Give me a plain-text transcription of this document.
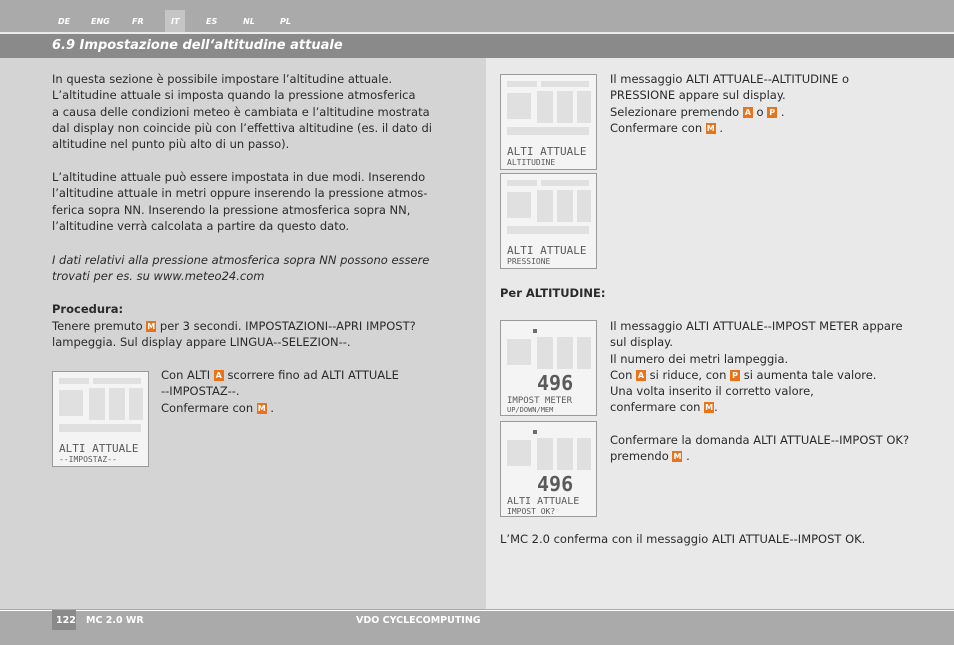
DE	ENG	FR	IT	ES	NL	PL
6.9 Impostazione dell‘altitudine attuale

In questa sezione è possibile impostare l’altitudine attuale.

L’altitudine attuale si imposta quando la pressione atmosferica

a causa delle condizioni meteo è cambiata e l’altitudine mostrata

dal display non coincide più con l’effettiva altitudine (es. il dato di

altitudine nel punto più alto di un passo).

L’altitudine attuale può essere impostata in due modi. Inserendo

l’altitudine attuale in metri oppure inserendo la pressione atmos-

ferica sopra NN. Inserendo la pressione atmosferica sopra NN,

l’altitudine verrà calcolata a partire da questo dato.

I dati relativi alla pressione atmosferica sopra NN possono essere

trovati per es. su www.meteo24.com

Procedura:

Tenere premuto M per 3 secondi. IMPOSTAZIONI--APRI IMPOST?

lampeggia. Sul display appare LINGUA--SELEZION--.

ALTI ATTUALE
--IMPOSTAZ--

Con ALTI A scorrere fino ad ALTI ATTUALE

--IMPOSTAZ--.

Confermare con M .

ALTI ATTUALE
ALTITUDINE
ALTI ATTUALE
PRESSIONE

Il messaggio ALTI ATTUALE--ALTITUDINE o

PRESSIONE appare sul display.

Selezionare premendo A o P .

Confermare con M .

Per ALTITUDINE:
496
IMPOST METER
UP/DOWN/MEM
496
ALTI ATTUALE
IMPOST OK?

Il messaggio ALTI ATTUALE--IMPOST METER appare

sul display.

Il numero dei metri lampeggia.

Con A si riduce, con P si aumenta tale valore.

Una volta inserito il corretto valore,

confermare con M.

Confermare la domanda ALTI ATTUALE--IMPOST OK?

premendo M .

L’MC 2.0 conferma con il messaggio ALTI ATTUALE--IMPOST OK.
122 MC 2.0 WR	VDO CYCLECOMPUTING
